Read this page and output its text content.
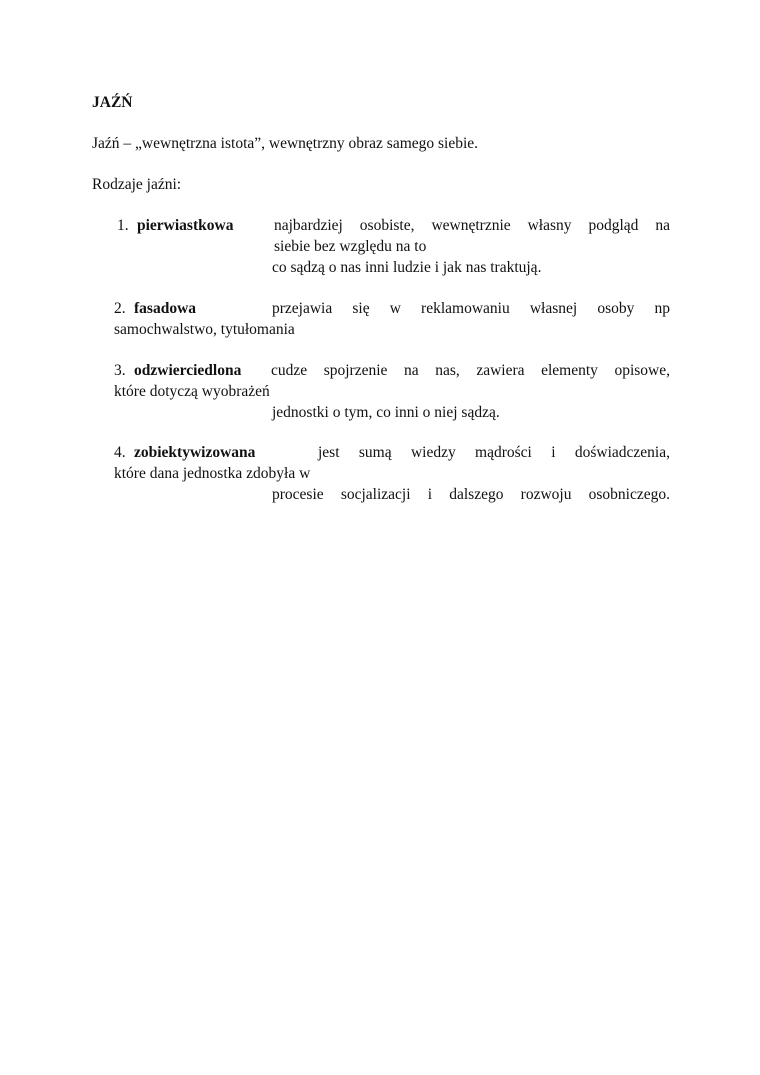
JAŹŃ
Jaźń – „wewnętrzna istota”, wewnętrzny obraz samego siebie.
Rodzaje jaźni:
1. pierwiastkowa	najbardziej osobiste, wewnętrznie własny podgląd na
siebie bez względu na to
co sądzą o nas inni ludzie i jak nas traktują.
2. fasadowa	przejawia się w reklamowaniu własnej osoby np
samochwalstwo, tytułomania
3. odzwierciedlona cudze spojrzenie na nas, zawiera elementy opisowe,
które dotyczą wyobrażeń
jednostki o tym, co inni o niej sądzą.
4. zobiektywizowana	jest sumą wiedzy mądrości i doświadczenia,
które dana jednostka zdobyła w
procesie socjalizacji i dalszego rozwoju osobniczego.
